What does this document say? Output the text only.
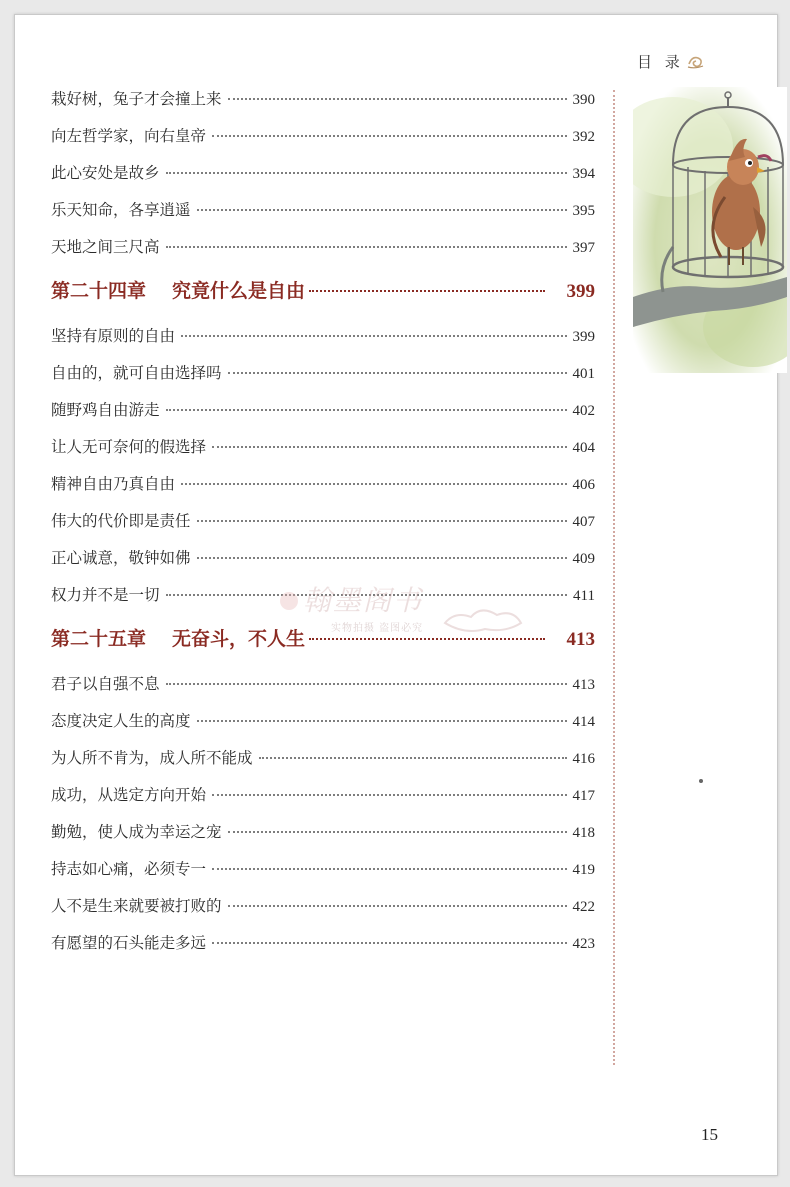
目 录
栽好树，兔子才会撞上来	390
向左哲学家，向右皇帝	392
此心安处是故乡	394
乐天知命，各享逍遥	395
天地之间三尺高	397
第二十四章 究竟什么是自由	399
坚持有原则的自由	399
自由的，就可自由选择吗	401
随野鸡自由游走	402
让人无可奈何的假选择	404
精神自由乃真自由	406
伟大的代价即是责任	407
正心诚意，敬钟如佛	409
权力并不是一切	411
第二十五章 无奋斗，不人生	413
君子以自强不息	413
态度决定人生的高度	414
为人所不肯为，成人所不能成	416
成功，从选定方向开始	417
勤勉，使人成为幸运之宠	418
持志如心痛，必须专一	419
人不是生来就要被打败的	422
有愿望的石头能走多远	423
翰墨阁书
实物拍摄 盗图必究
15
